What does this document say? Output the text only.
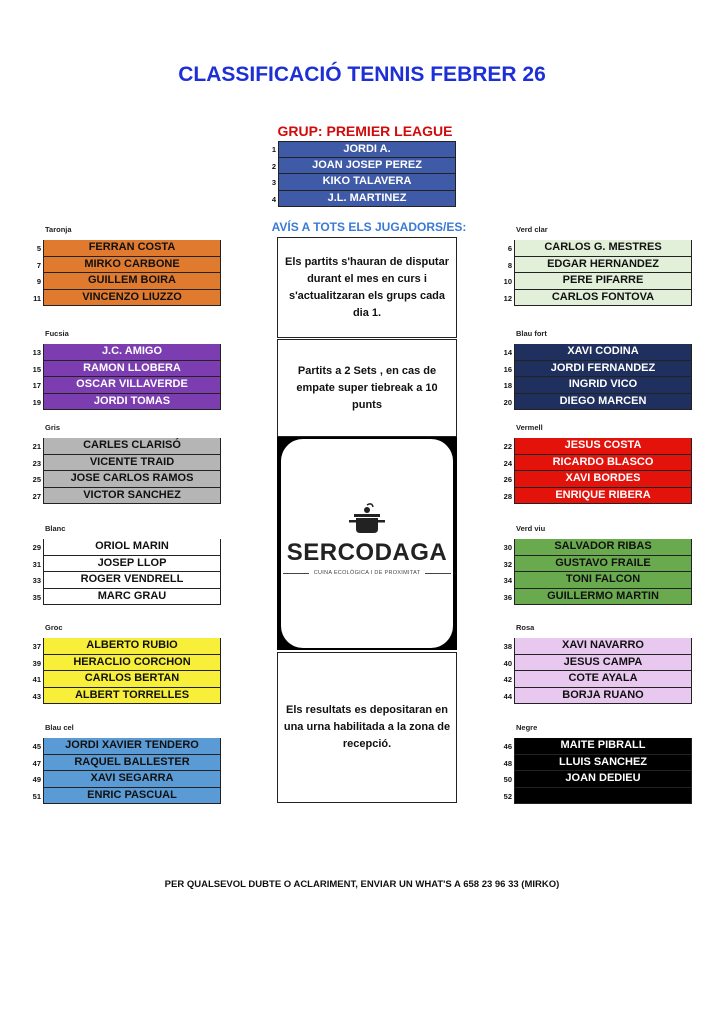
CLASSIFICACIÓ TENNIS FEBRER 26
GRUP: PREMIER LEAGUE
1	JORDI A.
2	JOAN JOSEP PEREZ
3	KIKO TALAVERA
4	J.L. MARTINEZ
AVÍS A TOTS ELS JUGADORS/ES:
Els partits s'hauran de disputar durant el mes en curs i s'actualitzaran els grups cada dia 1.
Partits a 2 Sets , en cas de empate super tiebreak a 10 punts
SERCODAGA
CUINA ECOLÒGICA I DE PROXIMITAT
Els resultats es depositaran en una urna habilitada a la zona de recepció.
Taronja
5	FERRAN COSTA
7	MIRKO CARBONE
9	GUILLEM BOIRA
11	VINCENZO LIUZZO
Fucsia
13	J.C. AMIGO
15	RAMON LLOBERA
17	OSCAR VILLAVERDE
19	JORDI TOMAS
Gris
21	CARLES CLARISÓ
23	VICENTE TRAID
25	JOSE CARLOS RAMOS
27	VICTOR SANCHEZ
Blanc
29	ORIOL MARIN
31	JOSEP LLOP
33	ROGER VENDRELL
35	MARC GRAU
Groc
37	ALBERTO RUBIO
39	HERACLIO CORCHON
41	CARLOS BERTAN
43	ALBERT TORRELLES
Blau cel
45	JORDI XAVIER TENDERO
47	RAQUEL BALLESTER
49	XAVI SEGARRA
51	ENRIC PASCUAL
Verd clar
6	CARLOS G. MESTRES
8	EDGAR HERNANDEZ
10	PERE PIFARRE
12	CARLOS FONTOVA
Blau fort
14	XAVI CODINA
16	JORDI FERNANDEZ
18	INGRID VICO
20	DIEGO MARCEN
Vermell
22	JESUS COSTA
24	RICARDO BLASCO
26	XAVI BORDES
28	ENRIQUE RIBERA
Verd viu
30	SALVADOR RIBAS
32	GUSTAVO FRAILE
34	TONI FALCON
36	GUILLERMO MARTIN
Rosa
38	XAVI NAVARRO
40	JESUS CAMPA
42	COTE AYALA
44	BORJA RUANO
Negre
46	MAITE PIBRALL
48	LLUIS SANCHEZ
50	JOAN DEDIEU
52
PER QUALSEVOL DUBTE O ACLARIMENT, ENVIAR UN WHAT'S A 658 23 96 33 (MIRKO)
